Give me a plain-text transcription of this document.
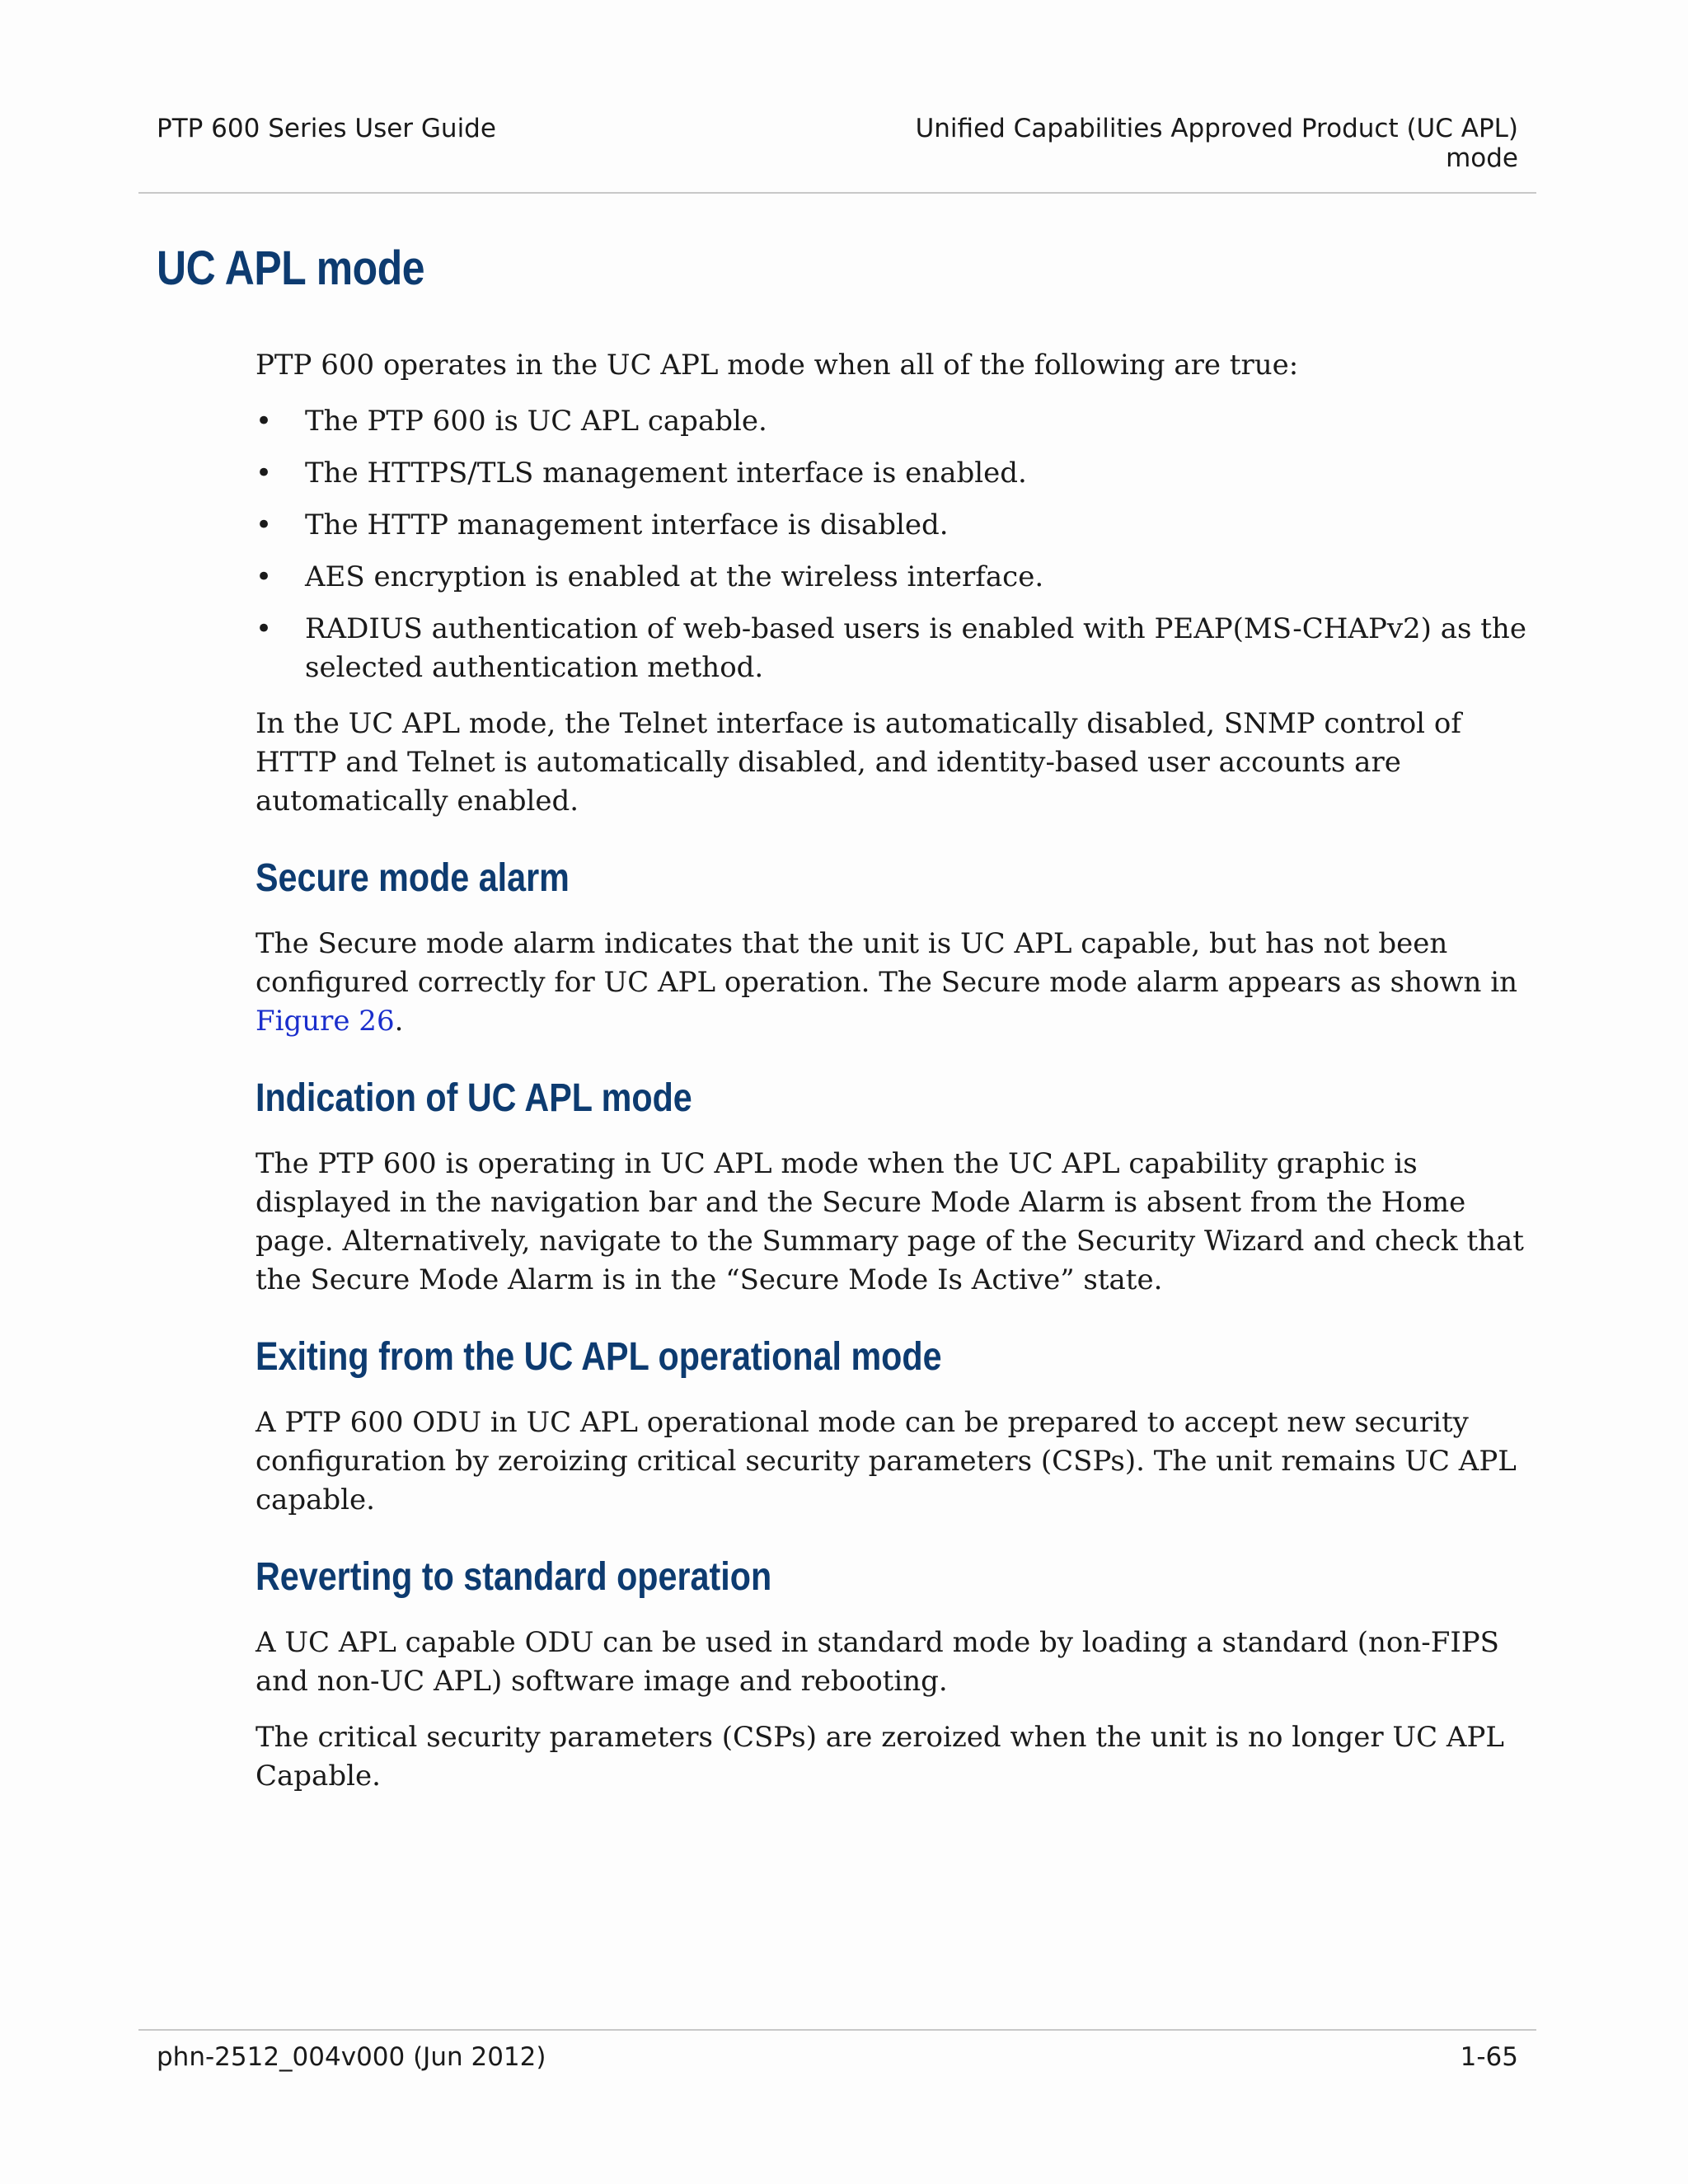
PTP 600 Series User Guide	Unified Capabilities Approved Product (UC APL)
mode
UC APL mode

PTP 600 operates in the UC APL mode when all of the following are true:

• The PTP 600 is UC APL capable.
• The HTTPS/TLS management interface is enabled.
• The HTTP management interface is disabled.
• AES encryption is enabled at the wireless interface.
• RADIUS authentication of web-based users is enabled with PEAP(MS-CHAPv2) as the selected authentication method.

In the UC APL mode, the Telnet interface is automatically disabled, SNMP control of HTTP and Telnet is automatically disabled, and identity-based user accounts are automatically enabled.

Secure mode alarm

The Secure mode alarm indicates that the unit is UC APL capable, but has not been configured correctly for UC APL operation. The Secure mode alarm appears as shown in Figure 26.

Indication of UC APL mode

The PTP 600 is operating in UC APL mode when the UC APL capability graphic is displayed in the navigation bar and the Secure Mode Alarm is absent from the Home page. Alternatively, navigate to the Summary page of the Security Wizard and check that the Secure Mode Alarm is in the “Secure Mode Is Active” state.

Exiting from the UC APL operational mode

A PTP 600 ODU in UC APL operational mode can be prepared to accept new security configuration by zeroizing critical security parameters (CSPs). The unit remains UC APL capable.

Reverting to standard operation

A UC APL capable ODU can be used in standard mode by loading a standard (non-FIPS and non-UC APL) software image and rebooting.

The critical security parameters (CSPs) are zeroized when the unit is no longer UC APL Capable.

phn-2512_004v000 (Jun 2012)	1-65
